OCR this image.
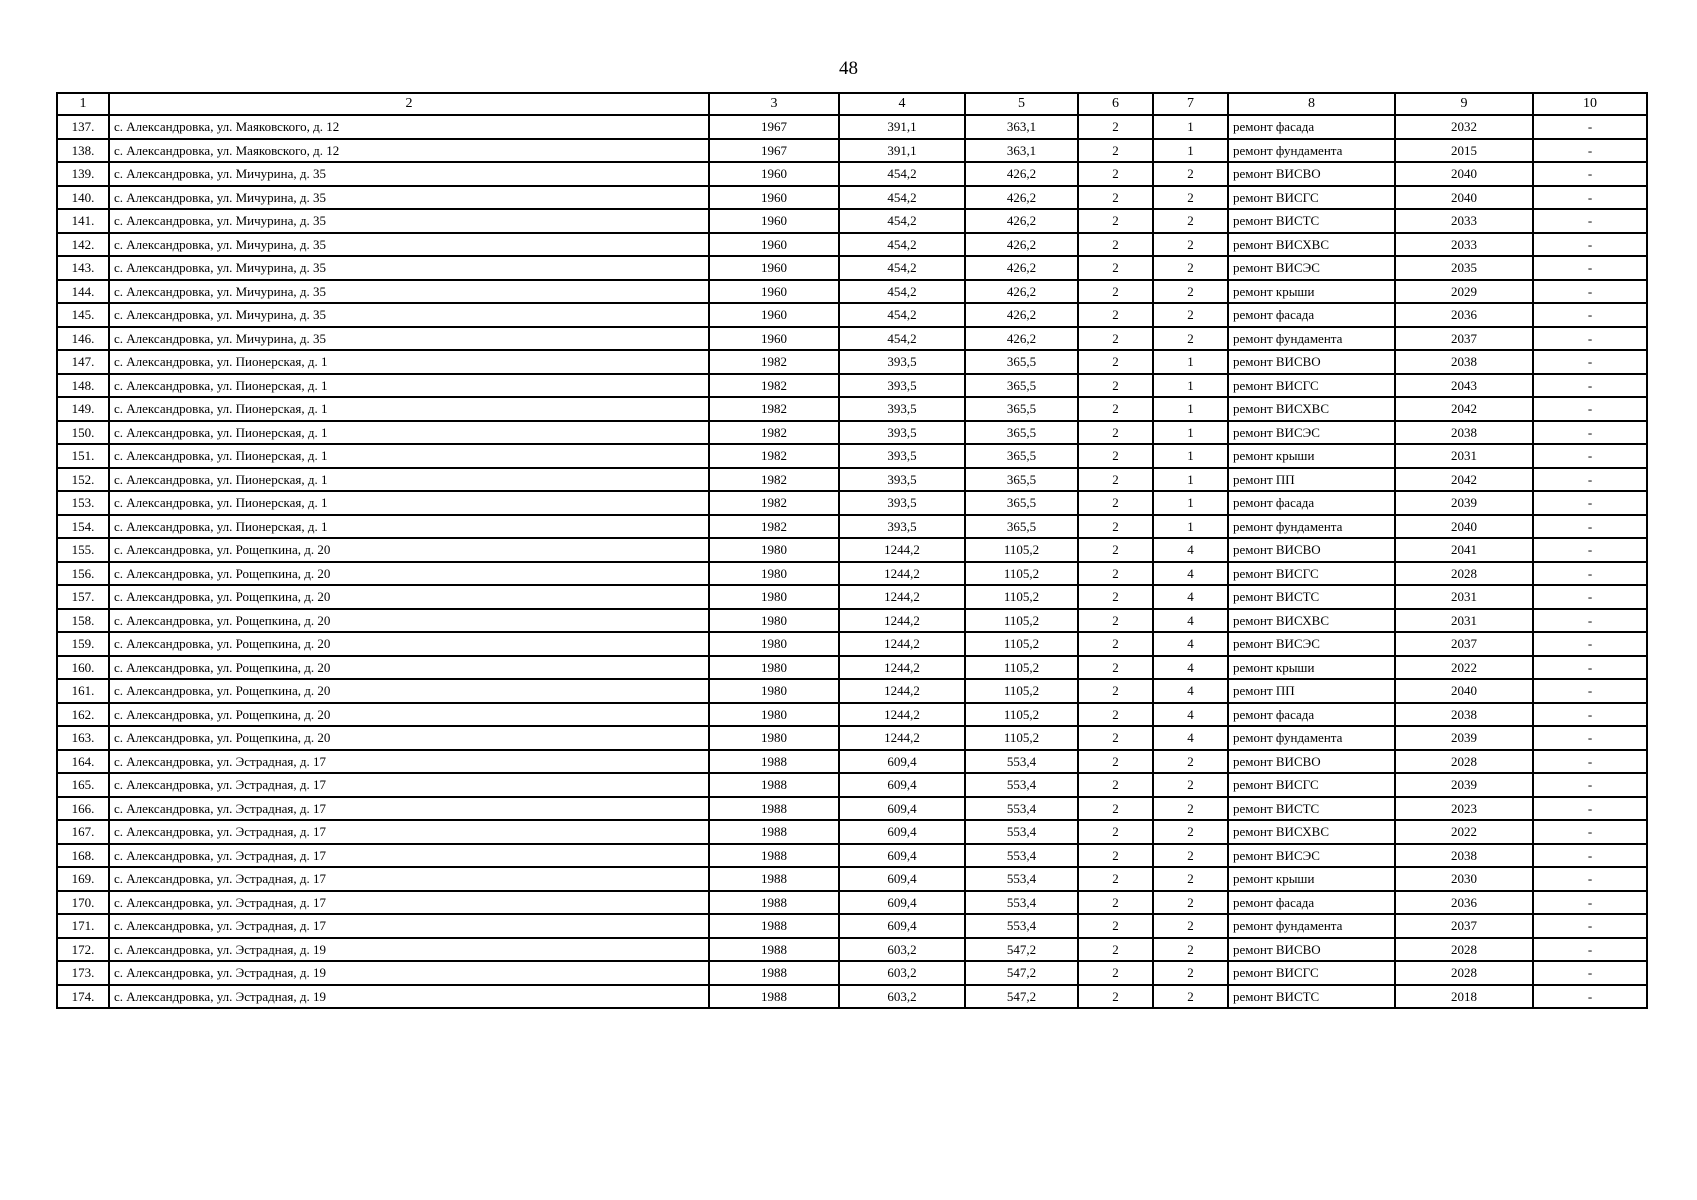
48
1	2	3	4	5	6	7	8	9	10
137.	с. Александровка, ул. Маяковского, д. 12	1967	391,1	363,1	2	1	ремонт фасада	2032	-
138.	с. Александровка, ул. Маяковского, д. 12	1967	391,1	363,1	2	1	ремонт фундамента	2015	-
139.	с. Александровка, ул. Мичурина, д. 35	1960	454,2	426,2	2	2	ремонт ВИСВО	2040	-
140.	с. Александровка, ул. Мичурина, д. 35	1960	454,2	426,2	2	2	ремонт ВИСГС	2040	-
141.	с. Александровка, ул. Мичурина, д. 35	1960	454,2	426,2	2	2	ремонт ВИСТС	2033	-
142.	с. Александровка, ул. Мичурина, д. 35	1960	454,2	426,2	2	2	ремонт ВИСХВС	2033	-
143.	с. Александровка, ул. Мичурина, д. 35	1960	454,2	426,2	2	2	ремонт ВИСЭС	2035	-
144.	с. Александровка, ул. Мичурина, д. 35	1960	454,2	426,2	2	2	ремонт крыши	2029	-
145.	с. Александровка, ул. Мичурина, д. 35	1960	454,2	426,2	2	2	ремонт фасада	2036	-
146.	с. Александровка, ул. Мичурина, д. 35	1960	454,2	426,2	2	2	ремонт фундамента	2037	-
147.	с. Александровка, ул. Пионерская, д. 1	1982	393,5	365,5	2	1	ремонт ВИСВО	2038	-
148.	с. Александровка, ул. Пионерская, д. 1	1982	393,5	365,5	2	1	ремонт ВИСГС	2043	-
149.	с. Александровка, ул. Пионерская, д. 1	1982	393,5	365,5	2	1	ремонт ВИСХВС	2042	-
150.	с. Александровка, ул. Пионерская, д. 1	1982	393,5	365,5	2	1	ремонт ВИСЭС	2038	-
151.	с. Александровка, ул. Пионерская, д. 1	1982	393,5	365,5	2	1	ремонт крыши	2031	-
152.	с. Александровка, ул. Пионерская, д. 1	1982	393,5	365,5	2	1	ремонт ПП	2042	-
153.	с. Александровка, ул. Пионерская, д. 1	1982	393,5	365,5	2	1	ремонт фасада	2039	-
154.	с. Александровка, ул. Пионерская, д. 1	1982	393,5	365,5	2	1	ремонт фундамента	2040	-
155.	с. Александровка, ул. Рощепкина, д. 20	1980	1244,2	1105,2	2	4	ремонт ВИСВО	2041	-
156.	с. Александровка, ул. Рощепкина, д. 20	1980	1244,2	1105,2	2	4	ремонт ВИСГС	2028	-
157.	с. Александровка, ул. Рощепкина, д. 20	1980	1244,2	1105,2	2	4	ремонт ВИСТС	2031	-
158.	с. Александровка, ул. Рощепкина, д. 20	1980	1244,2	1105,2	2	4	ремонт ВИСХВС	2031	-
159.	с. Александровка, ул. Рощепкина, д. 20	1980	1244,2	1105,2	2	4	ремонт ВИСЭС	2037	-
160.	с. Александровка, ул. Рощепкина, д. 20	1980	1244,2	1105,2	2	4	ремонт крыши	2022	-
161.	с. Александровка, ул. Рощепкина, д. 20	1980	1244,2	1105,2	2	4	ремонт ПП	2040	-
162.	с. Александровка, ул. Рощепкина, д. 20	1980	1244,2	1105,2	2	4	ремонт фасада	2038	-
163.	с. Александровка, ул. Рощепкина, д. 20	1980	1244,2	1105,2	2	4	ремонт фундамента	2039	-
164.	с. Александровка, ул. Эстрадная, д. 17	1988	609,4	553,4	2	2	ремонт ВИСВО	2028	-
165.	с. Александровка, ул. Эстрадная, д. 17	1988	609,4	553,4	2	2	ремонт ВИСГС	2039	-
166.	с. Александровка, ул. Эстрадная, д. 17	1988	609,4	553,4	2	2	ремонт ВИСТС	2023	-
167.	с. Александровка, ул. Эстрадная, д. 17	1988	609,4	553,4	2	2	ремонт ВИСХВС	2022	-
168.	с. Александровка, ул. Эстрадная, д. 17	1988	609,4	553,4	2	2	ремонт ВИСЭС	2038	-
169.	с. Александровка, ул. Эстрадная, д. 17	1988	609,4	553,4	2	2	ремонт крыши	2030	-
170.	с. Александровка, ул. Эстрадная, д. 17	1988	609,4	553,4	2	2	ремонт фасада	2036	-
171.	с. Александровка, ул. Эстрадная, д. 17	1988	609,4	553,4	2	2	ремонт фундамента	2037	-
172.	с. Александровка, ул. Эстрадная, д. 19	1988	603,2	547,2	2	2	ремонт ВИСВО	2028	-
173.	с. Александровка, ул. Эстрадная, д. 19	1988	603,2	547,2	2	2	ремонт ВИСГС	2028	-
174.	с. Александровка, ул. Эстрадная, д. 19	1988	603,2	547,2	2	2	ремонт ВИСТС	2018	-
